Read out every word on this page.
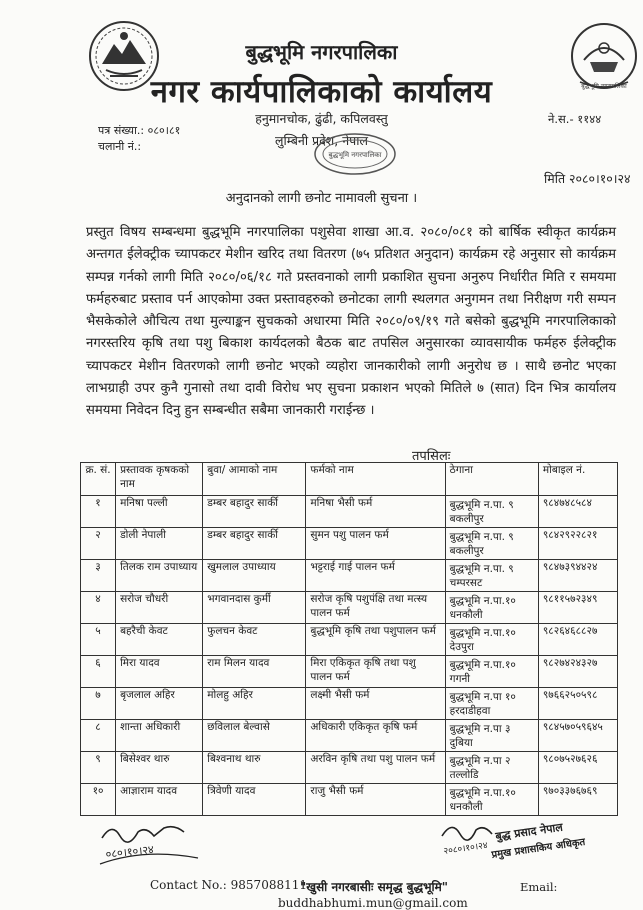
बुद्धभूमि नगरपालिका
बुद्धभूमि नगरपालिका
नगर कार्यपालिकाको कार्यालय
हनुमानचोक, ढुंढी, कपिलवस्तु
लुम्बिनी प्रदेश, नेपाल
पत्र संख्या.: ०८०।८१
चलानी नं.:
ने.स.- ११४४
बुद्धभूमि नगरपालिका
मिति २०८०।१०।२४
अनुदानको लागी छनोट नामावली सुचना ।
प्रस्तुत विषय सम्बन्धमा बुद्धभूमि नगरपालिका पशुसेवा शाखा आ.व. २०८०/०८१ को बार्षिक स्वीकृत कार्यक्रम अन्तगत ईलेक्ट्रीक च्यापकटर मेशीन खरिद तथा वितरण (७५ प्रतिशत अनुदान) कार्यक्रम रहे अनुसार सो कार्यक्रम सम्पन्न गर्नको लागी मिति २०८०/०६/१८ गते प्रस्तवनाको लागी प्रकाशित सुचना अनुरुप निर्धारीत मिति र समयमा फर्महरुबाट प्रस्ताव पर्न आएकोमा उक्त प्रस्तावहरुको छनोटका लागी स्थलगत अनुगमन तथा निरीक्षण गरी सम्पन भैसकेकोले औचित्य तथा मुल्याङ्कन सुचकको अधारमा मिति २०८०/०९/१९ गते बसेको बुद्धभूमि नगरपालिकाको नगरस्तरिय कृषि तथा पशु बिकाश कार्यदलको बैठक बाट तपसिल अनुसारका व्यावसायीक फर्महरु ईलेक्ट्रीक च्यापकटर मेशीन वितरणको लागी छनोट भएको व्यहोरा जानकारीको लागी अनुरोध छ । साथै छनोट भएका लाभग्राही उपर कुनै गुनासो तथा दावी विरोध भए सुचना प्रकाशन भएको मितिले ७ (सात) दिन भित्र कार्यालय समयमा निवेदन दिनु हुन सम्बन्धीत सबैमा जानकारी गराईन्छ ।
तपसिलः
क्र. सं.	प्रस्तावक कृषकको नाम	बुवा/ आमाको नाम	फर्मको नाम	ठेगाना	मोबाइल नं.
१	मनिषा पल्ली	डम्बर बहादुर सार्की	मनिषा भैसी फर्म	बुद्धभूमि न.पा. ९ बकलीपुर	९८४७४८५८४
२	डोली नेपाली	डम्बर बहादुर सार्की	सुमन पशु पालन फर्म	बुद्धभूमि न.पा. ९ बकलीपुर	९८४२९२२८२१
३	तिलक राम उपाध्याय	खुमलाल उपाध्याय	भट्टराई गाई पालन फर्म	बुद्धभूमि न.पा. ९ चम्परसट	९८४७३९४४२४
४	सरोज चौधरी	भगवानदास कुर्मी	सरोज कृषि पशुपंक्षि तथा मत्स्य पालन फर्म	बुद्धभूमि न.पा.१० धनकौली	९८११५७२३४९
५	बहरैची केवट	फुलचन केवट	बुद्धभूमि कृषि तथा पशुपालन फर्म	बुद्धभूमि न.पा.१० देउपुरा	९८२६४६८८२७
६	मिरा यादव	राम मिलन यादव	मिरा एकिकृत कृषि तथा पशु पालन फर्म	बुद्धभूमि न.पा.१० गगनी	९८२७४२४३२७
७	बृजलाल अहिर	मोलहु अहिर	लक्ष्मी भैसी फर्म	बुद्धभूमि न.पा १० हरदाडीहवा	९७६६२५०५९८
८	शान्ता अधिकारी	छविलाल बेल्वासे	अधिकारी एकिकृत कृषि फर्म	बुद्धभूमि न.पा ३ दुबिया	९८४५७०५९६४५
९	बिसेश्वर थारु	बिश्वनाथ थारु	अरविन कृषि तथा पशु पालन फर्म	बुद्धभूमि न.पा २ तल्लोडि	९८०७५२७६२६
१०	आज्ञाराम यादव	त्रिवेणी यादव	राजु भैसी फर्म	बुद्धभूमि न.पा.१० धनकौली	९७०३३७६७६९
०८०।१०।२४	२०८०।१०।२४
बुद्ध प्रसाद नेपाल
प्रमुख प्रशासकिय अधिकृत
Contact No.: 9857088111
"खुसी नगरबासीः समृद्ध बुद्धभूमि"	Email:
buddhabhumi.mun@gmail.com
